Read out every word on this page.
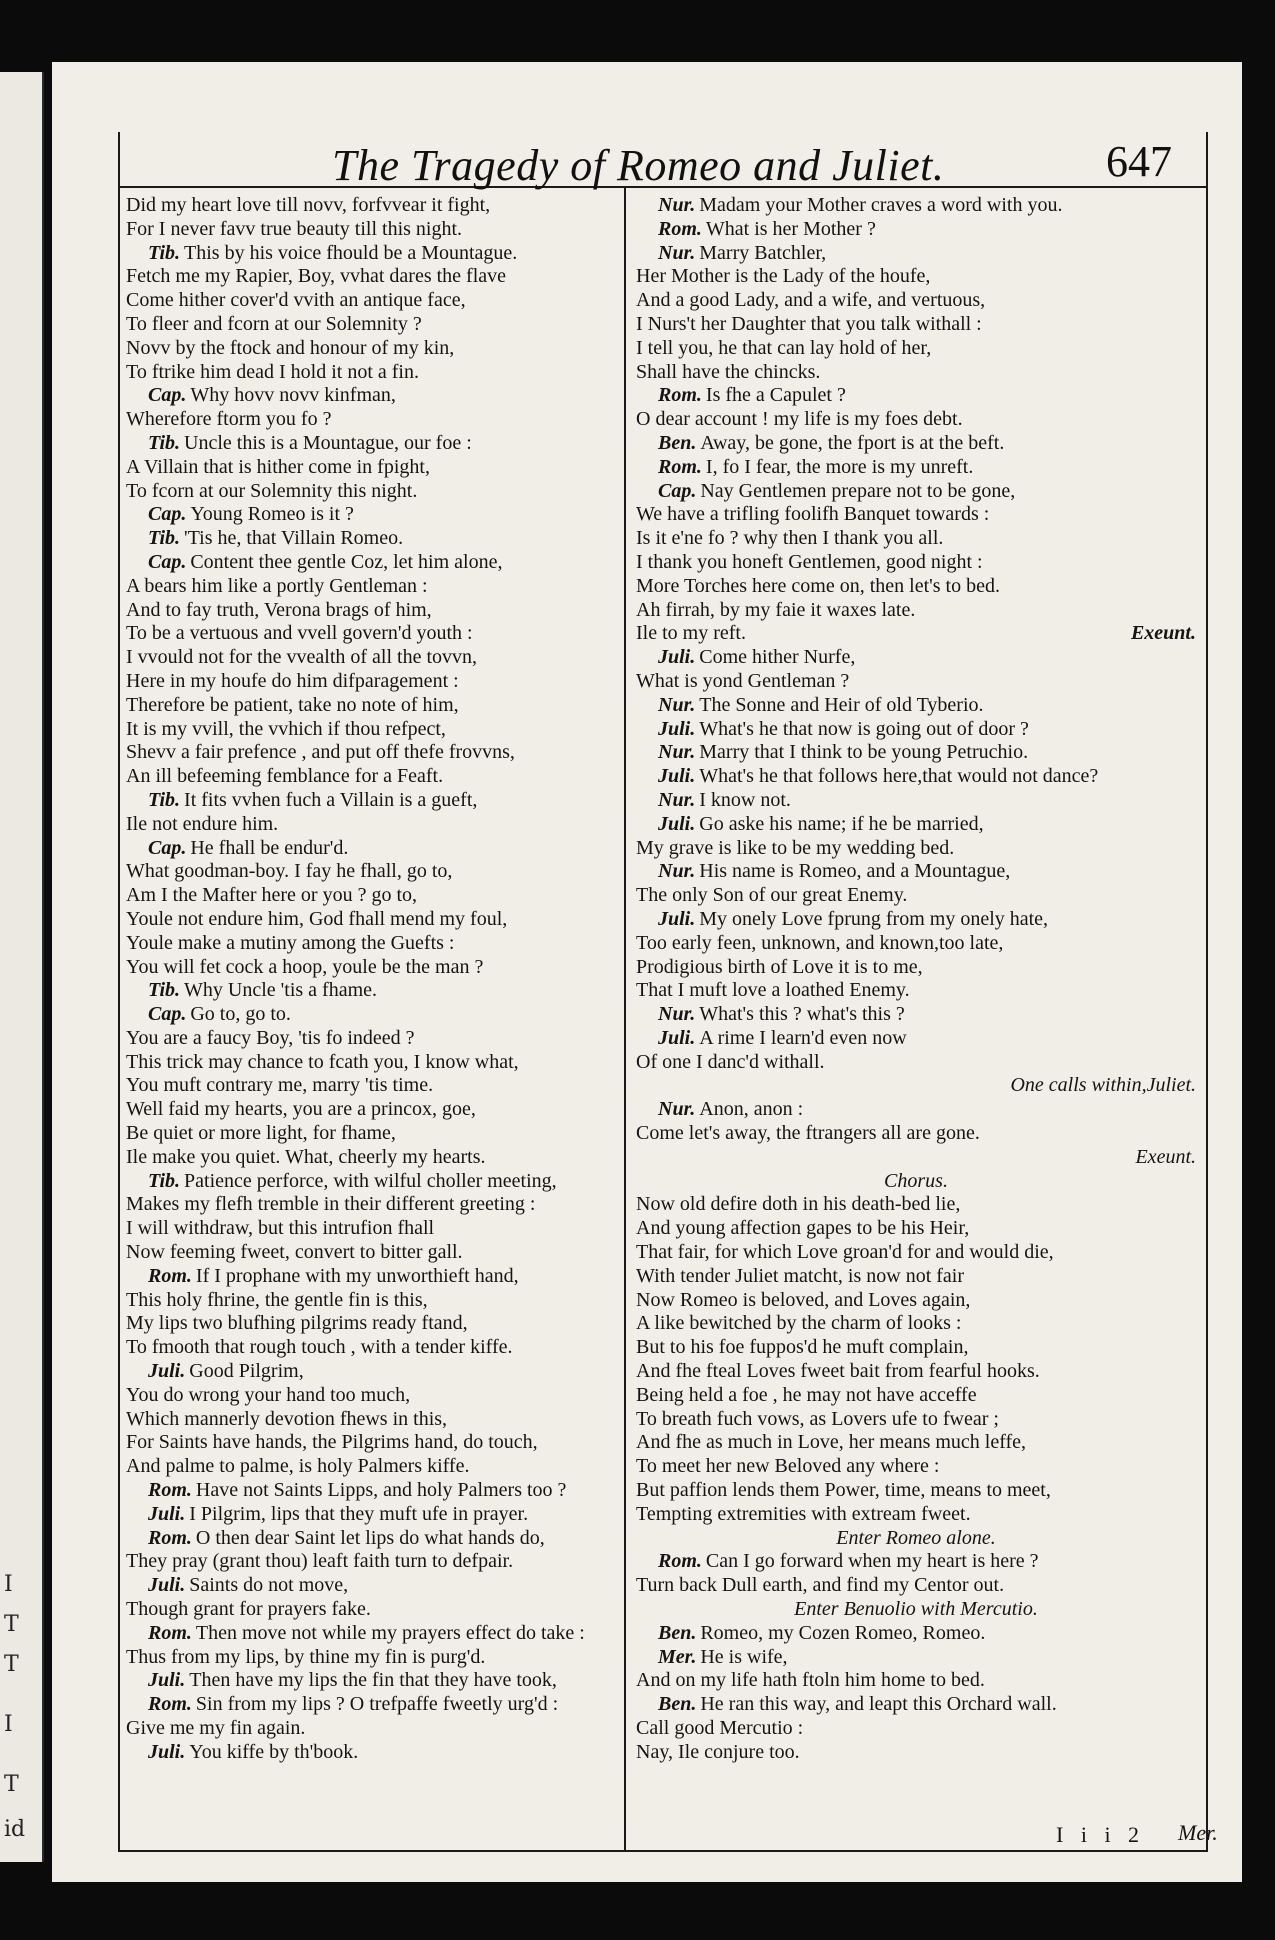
I
T
T
I
T
id
The Tragedy of Romeo and Juliet.	647
Did my heart love till novv, forfvvear it fight,
For I never favv true beauty till this night.
Tib. This by his voice fhould be a Mountague.
Fetch me my Rapier, Boy, vvhat dares the flave
Come hither cover'd vvith an antique face,
To fleer and fcorn at our Solemnity ?
Novv by the ftock and honour of my kin,
To ftrike him dead I hold it not a fin.
Cap. Why hovv novv kinfman,
Wherefore ftorm you fo ?
Tib. Uncle this is a Mountague, our foe :
A Villain that is hither come in fpight,
To fcorn at our Solemnity this night.
Cap. Young Romeo is it ?
Tib. 'Tis he, that Villain Romeo.
Cap. Content thee gentle Coz, let him alone,
A bears him like a portly Gentleman :
And to fay truth, Verona brags of him,
To be a vertuous and vvell govern'd youth :
I vvould not for the vvealth of all the tovvn,
Here in my houfe do him difparagement :
Therefore be patient, take no note of him,
It is my vvill, the vvhich if thou refpect,
Shevv a fair prefence , and put off thefe frovvns,
An ill befeeming femblance for a Feaft.
Tib. It fits vvhen fuch a Villain is a gueft,
Ile not endure him.
Cap. He fhall be endur'd.
What goodman-boy. I fay he fhall, go to,
Am I the Mafter here or you ? go to,
Youle not endure him, God fhall mend my foul,
Youle make a mutiny among the Guefts :
You will fet cock a hoop, youle be the man ?
Tib. Why Uncle 'tis a fhame.
Cap. Go to, go to.
You are a faucy Boy, 'tis fo indeed ?
This trick may chance to fcath you, I know what,
You muft contrary me, marry 'tis time.
Well faid my hearts, you are a princox, goe,
Be quiet or more light, for fhame,
Ile make you quiet. What, cheerly my hearts.
Tib. Patience perforce, with wilful choller meeting,
Makes my flefh tremble in their different greeting :
I will withdraw, but this intrufion fhall
Now feeming fweet, convert to bitter gall.
Rom. If I prophane with my unworthieft hand,
This holy fhrine, the gentle fin is this,
My lips two blufhing pilgrims ready ftand,
To fmooth that rough touch , with a tender kiffe.
Juli. Good Pilgrim,
You do wrong your hand too much,
Which mannerly devotion fhews in this,
For Saints have hands, the Pilgrims hand, do touch,
And palme to palme, is holy Palmers kiffe.
Rom. Have not Saints Lipps, and holy Palmers too ?
Juli. I Pilgrim, lips that they muft ufe in prayer.
Rom. O then dear Saint let lips do what hands do,
They pray (grant thou) leaft faith turn to defpair.
Juli. Saints do not move,
Though grant for prayers fake.
Rom. Then move not while my prayers effect do take :
Thus from my lips, by thine my fin is purg'd.
Juli. Then have my lips the fin that they have took,
Rom. Sin from my lips ? O trefpaffe fweetly urg'd :
Give me my fin again.
Juli. You kiffe by th'book.
Nur. Madam your Mother craves a word with you.
Rom. What is her Mother ?
Nur. Marry Batchler,
Her Mother is the Lady of the houfe,
And a good Lady, and a wife, and vertuous,
I Nurs't her Daughter that you talk withall :
I tell you, he that can lay hold of her,
Shall have the chincks.
Rom. Is fhe a Capulet ?
O dear account ! my life is my foes debt.
Ben. Away, be gone, the fport is at the beft.
Rom. I, fo I fear, the more is my unreft.
Cap. Nay Gentlemen prepare not to be gone,
We have a trifling foolifh Banquet towards :
Is it e'ne fo ? why then I thank you all.
I thank you honeft Gentlemen, good night :
More Torches here come on, then let's to bed.
Ah firrah, by my faie it waxes late.
Ile to my reft.	Exeunt.
Juli. Come hither Nurfe,
What is yond Gentleman ?
Nur. The Sonne and Heir of old Tyberio.
Juli. What's he that now is going out of door ?
Nur. Marry that I think to be young Petruchio.
Juli. What's he that follows here,that would not dance?
Nur. I know not.
Juli. Go aske his name; if he be married,
My grave is like to be my wedding bed.
Nur. His name is Romeo, and a Mountague,
The only Son of our great Enemy.
Juli. My onely Love fprung from my onely hate,
Too early feen, unknown, and known,too late,
Prodigious birth of Love it is to me,
That I muft love a loathed Enemy.
Nur. What's this ? what's this ?
Juli. A rime I learn'd even now
Of one I danc'd withall.
One calls within,Juliet.
Nur. Anon, anon :
Come let's away, the ftrangers all are gone.
Exeunt.
Chorus.
Now old defire doth in his death-bed lie,
And young affection gapes to be his Heir,
That fair, for which Love groan'd for and would die,
With tender Juliet matcht, is now not fair
Now Romeo is beloved, and Loves again,
A like bewitched by the charm of looks :
But to his foe fuppos'd he muft complain,
And fhe fteal Loves fweet bait from fearful hooks.
Being held a foe , he may not have acceffe
To breath fuch vows, as Lovers ufe to fwear ;
And fhe as much in Love, her means much leffe,
To meet her new Beloved any where :
But paffion lends them Power, time, means to meet,
Tempting extremities with extream fweet.
Enter Romeo alone.
Rom. Can I go forward when my heart is here ?
Turn back Dull earth, and find my Centor out.
Enter Benuolio with Mercutio.
Ben. Romeo, my Cozen Romeo, Romeo.
Mer. He is wife,
And on my life hath ftoln him home to bed.
Ben. He ran this way, and leapt this Orchard wall.
Call good Mercutio :
Nay, Ile conjure too.
I i i 2 Mer.
